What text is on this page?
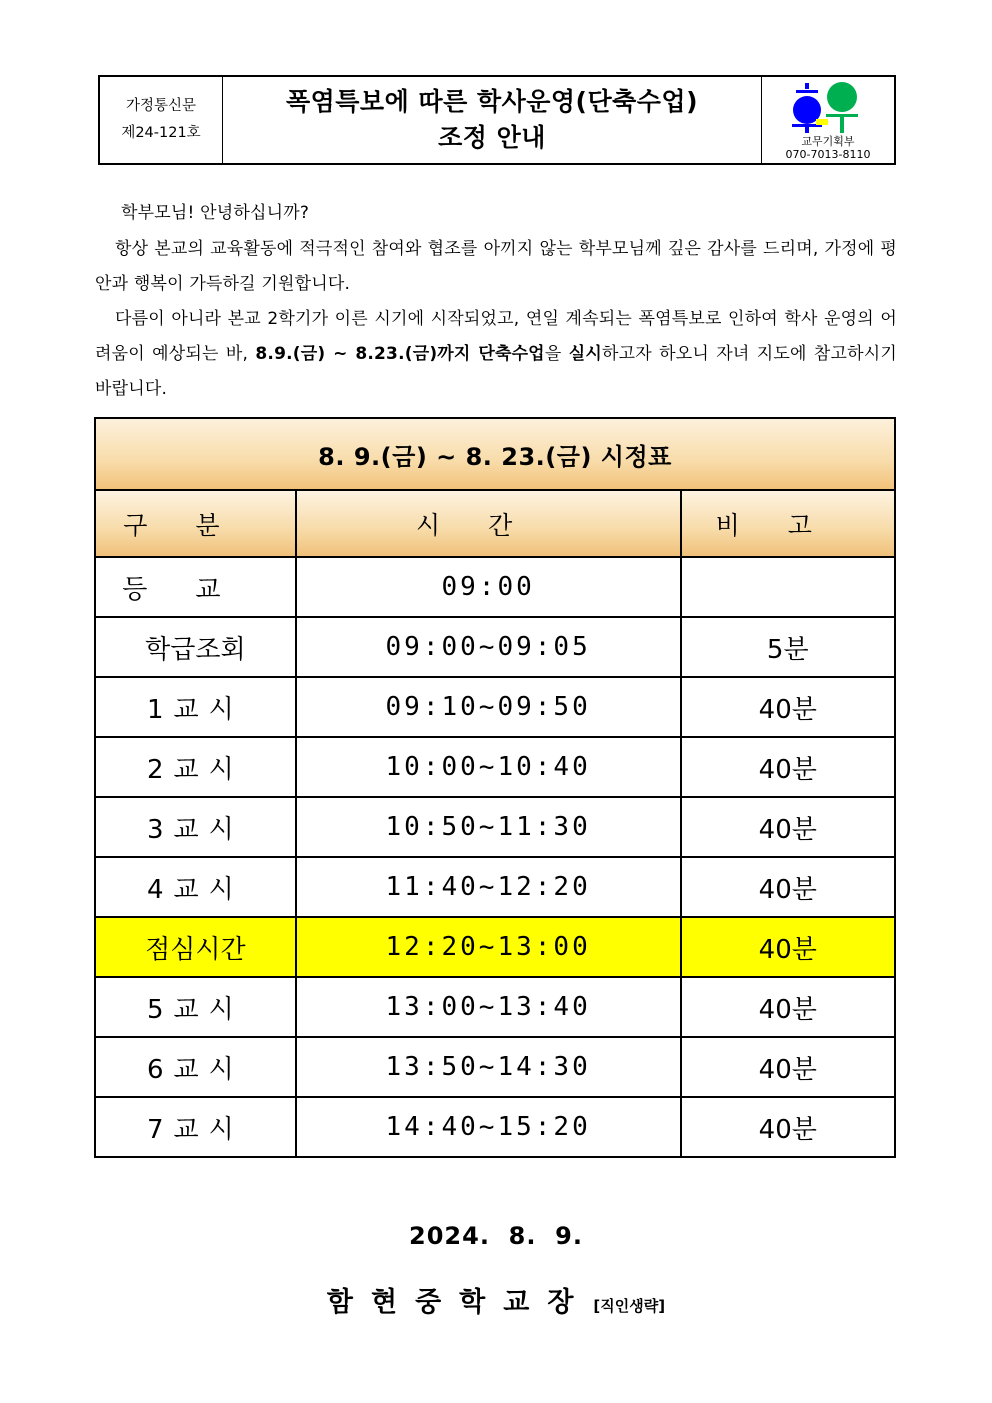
가정통신문
제24-121호
폭염특보에 따른 학사운영(단축수업)
조정 안내	교무기획부
070-7013-8110
학부모님! 안녕하십니까?
항상 본교의 교육활동에 적극적인 참여와 협조를 아끼지 않는 학부모님께 깊은 감사를 드리며, 가정에 평안과 행복이 가득하길 기원합니다.
다름이 아니라 본교 2학기가 이른 시기에 시작되었고, 연일 계속되는 폭염특보로 인하여 학사 운영의 어려움이 예상되는 바, 8.9.(금) ~ 8.23.(금)까지 단축수업을 실시하고자 하오니 자녀 지도에 참고하시기 바랍니다.
8. 9.(금) ~ 8. 23.(금) 시정표		
구분	시간	비고
등교	09:00	
학급조회	09:00~09:05	5분
1교시	09:10~09:50	40분
2교시	10:00~10:40	40분
3교시	10:50~11:30	40분
4교시	11:40~12:20	40분
점심시간	12:20~13:00	40분
5교시	13:00~13:40	40분
6교시	13:50~14:30	40분
7교시	14:40~15:20	40분
2024.  8.  9.
함현중학교장 [직인생략]
